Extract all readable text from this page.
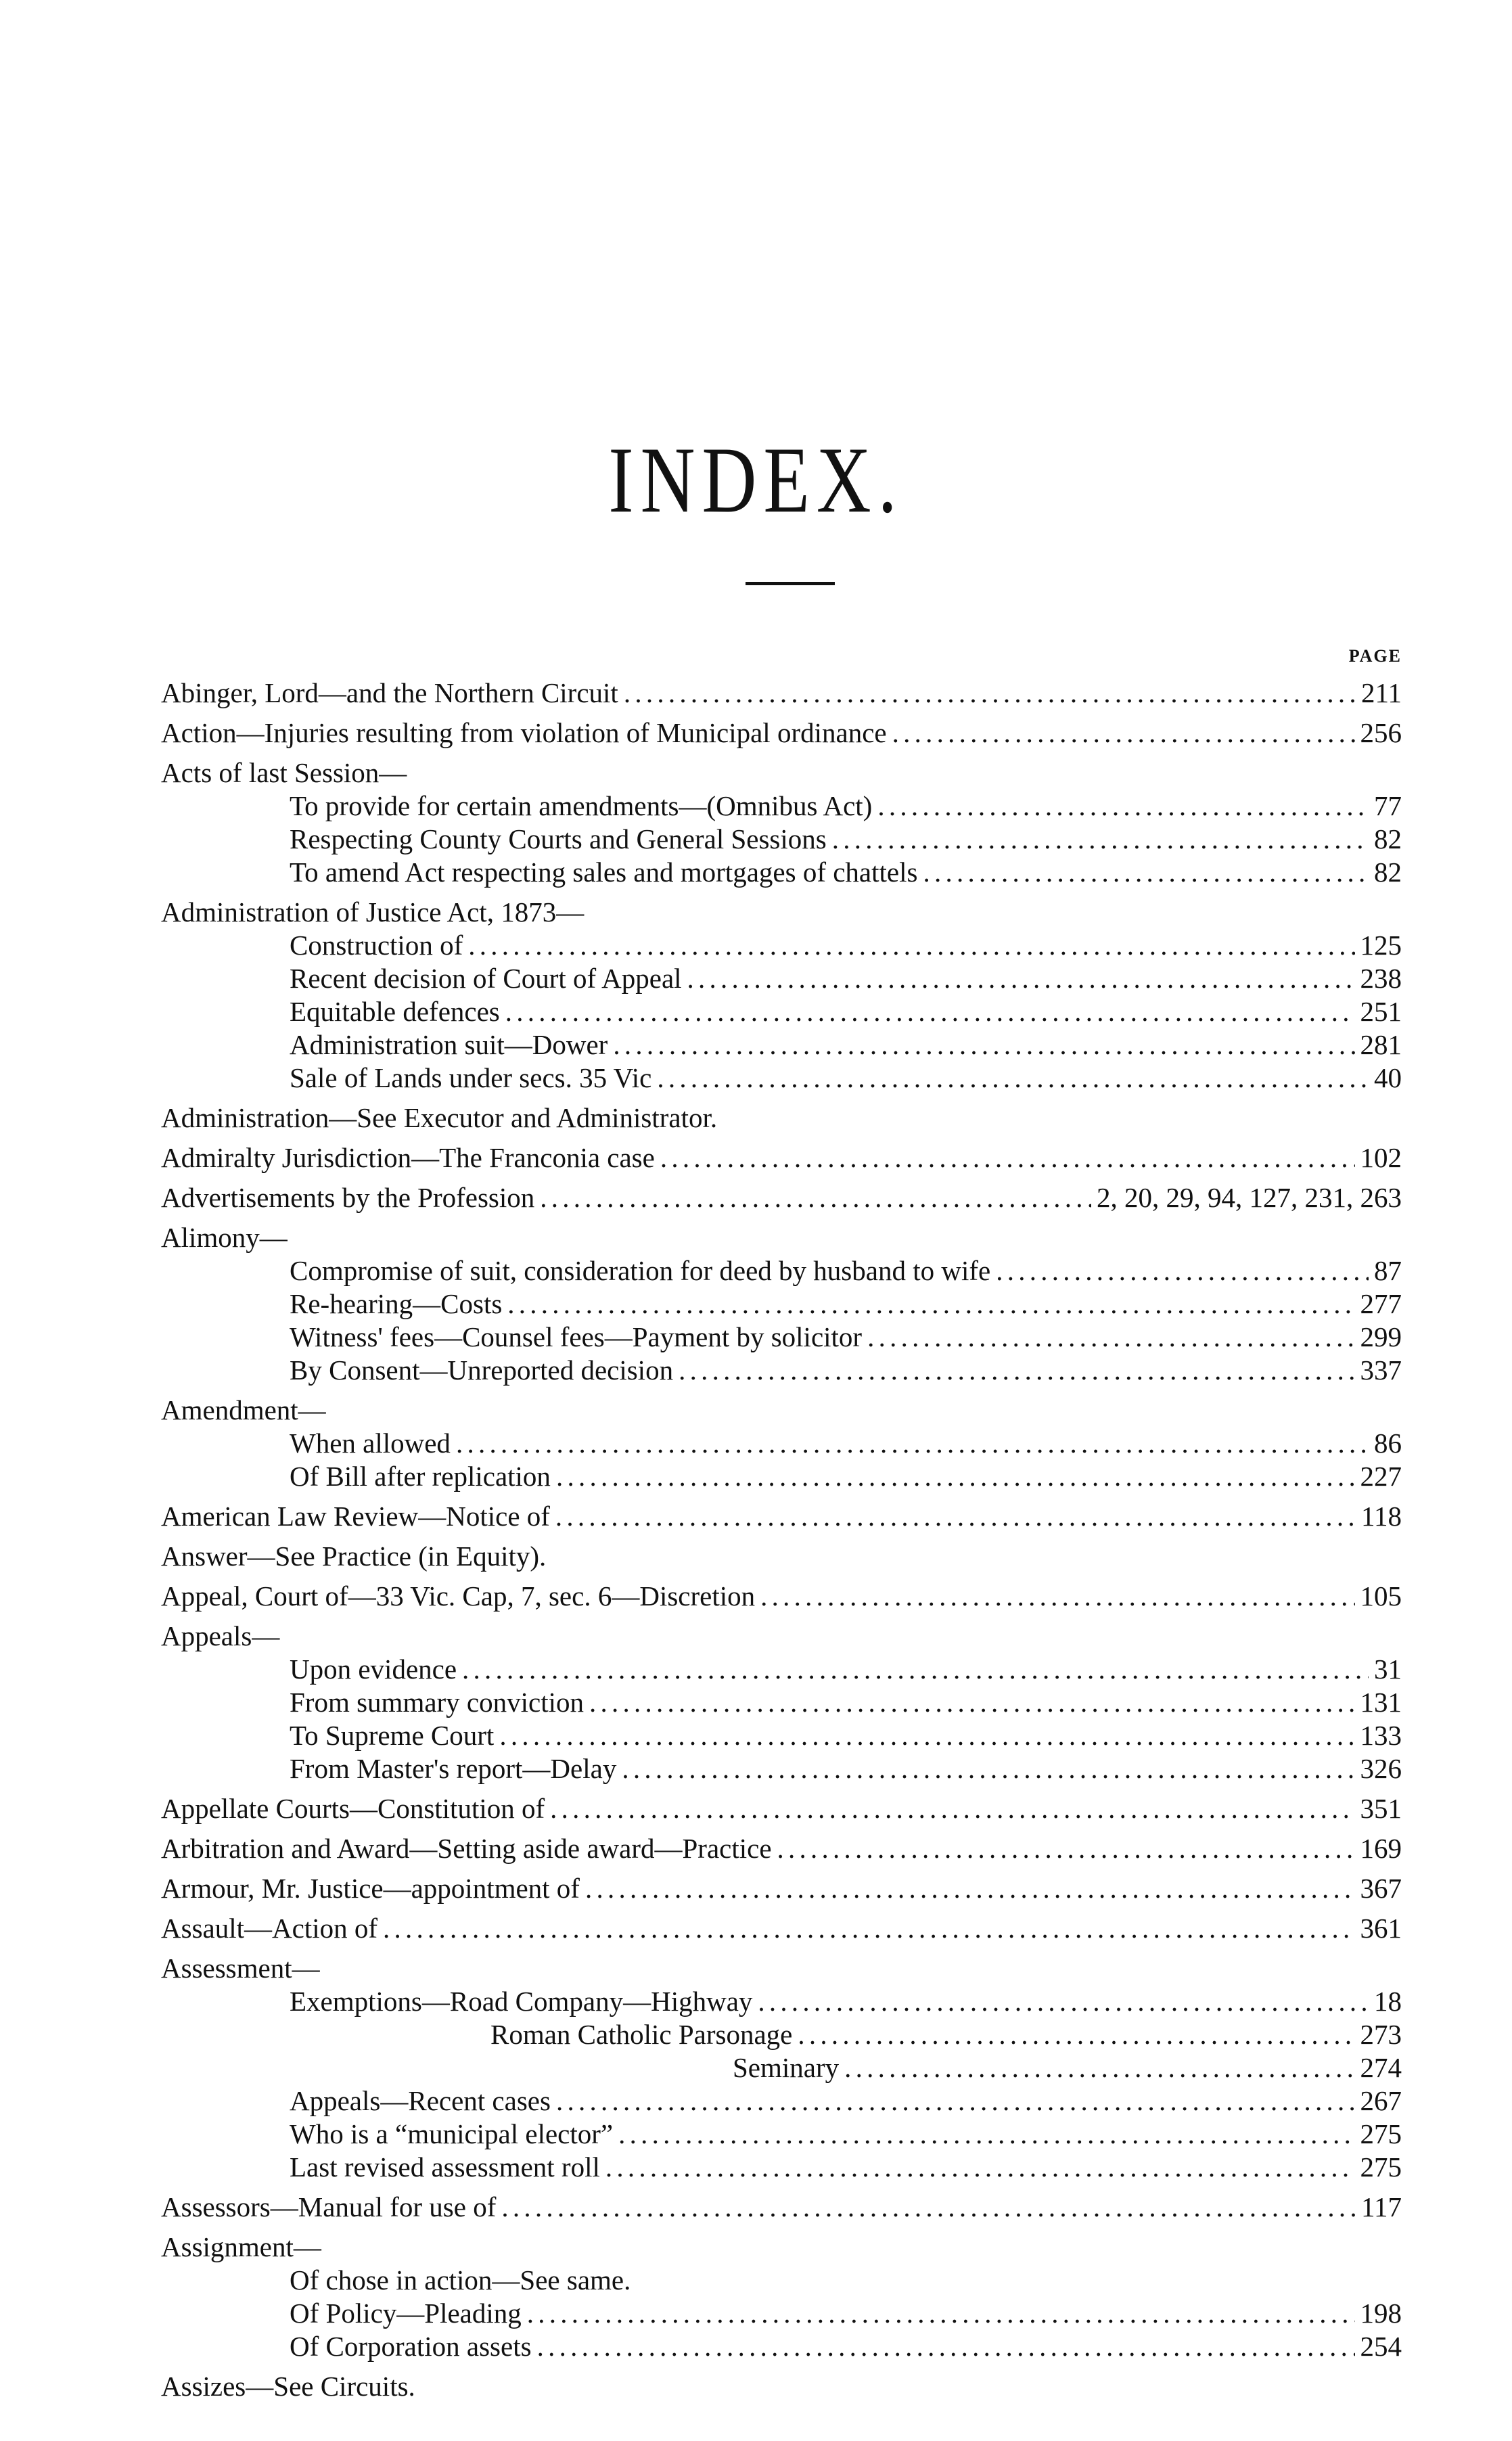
INDEX.
PAGE
Abinger, Lord—and the Northern Circuit . . .	211
Action—Injuries resulting from violation of Municipal ordinance . . .	256
Acts of last Session—
To provide for certain amendments—(Omnibus Act) . . .	77
Respecting County Courts and General Sessions . . .	82
To amend Act respecting sales and mortgages of chattels . . .	82
Administration of Justice Act, 1873—
Construction of . . .	125
Recent decision of Court of Appeal . . .	238
Equitable defences . . .	251
Administration suit—Dower . . .	281
Sale of Lands under secs. 35 Vic . . .	40
Administration—See Executor and Administrator.
Admiralty Jurisdiction—The Franconia case . . .	102
Advertisements by the Profession . . .	2, 20, 29, 94, 127, 231, 263
Alimony—
Compromise of suit, consideration for deed by husband to wife . . .	87
Re-hearing—Costs . . .	277
Witness' fees—Counsel fees—Payment by solicitor . . .	299
By Consent—Unreported decision . . .	337
Amendment—
When allowed . . .	86
Of Bill after replication . . .	227
American Law Review—Notice of . . .	118
Answer—See Practice (in Equity).
Appeal, Court of—33 Vic. Cap, 7, sec. 6—Discretion . . .	105
Appeals—
Upon evidence . . .	31
From summary conviction . . .	131
To Supreme Court . . .	133
From Master's report—Delay . . .	326
Appellate Courts—Constitution of . . .	351
Arbitration and Award—Setting aside award—Practice . . .	169
Armour, Mr. Justice—appointment of . . .	367
Assault—Action of . . .	361
Assessment—
Exemptions—Road Company—Highway . . .	18
Roman Catholic Parsonage . . .	273
Seminary . . .	274
Appeals—Recent cases . . .	267
Who is a “municipal elector” . . .	275
Last revised assessment roll . . .	275
Assessors—Manual for use of . . .	117
Assignment—
Of chose in action—See same.
Of Policy—Pleading . . .	198
Of Corporation assets . . .	254
Assizes—See Circuits.
